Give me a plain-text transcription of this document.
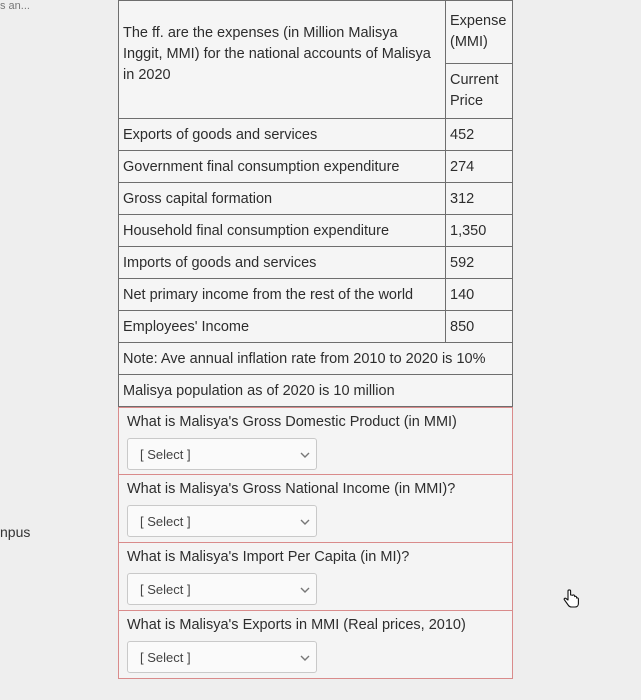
s an...
npus
The ff. are the expenses (in Million Malisya Inggit, MMI) for the national accounts of Malisya in 2020	Expense (MMI)
	Current Price
Exports of goods and services	452
Government final consumption expenditure	274
Gross capital formation	312
Household final consumption expenditure	1,350
Imports of goods and services	592
Net primary income from the rest of the world	140
Employees' Income	850
Note: Ave annual inflation rate from 2010 to 2020 is 10%	
Malisya population as of 2020 is 10 million	
What is Malisya's Gross Domestic Product (in MMI)
[ Select ]
What is Malisya's Gross National Income (in MMI)?
[ Select ]
What is Malisya's Import Per Capita (in MI)?
[ Select ]
What is Malisya's Exports in MMI (Real prices, 2010)
[ Select ]
